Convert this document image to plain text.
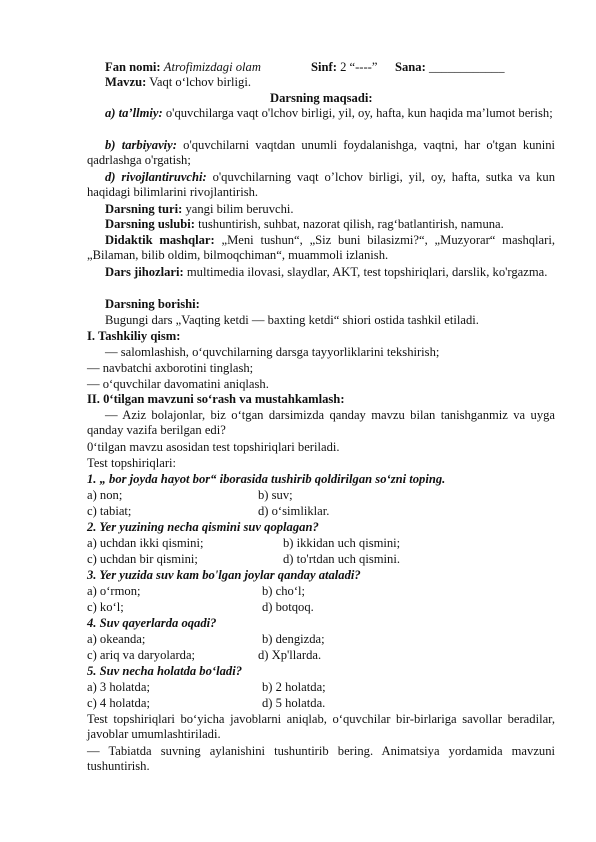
Fan nomi: Atrofimizdagi olam	Sinf: 2 “----” Sana: ____________
Mavzu: Vaqt o‘lchov birligi.
Darsning maqsadi:
a) ta’llmiy: o'quvchilarga vaqt o'lchov birligi, yil, oy, hafta, kun haqida ma’lumot berish;
b) tarbiyaviy: o'quvchilarni vaqtdan unumli foydalanishga, vaqtni, har o'tgan kunini qadrlashga o'rgatish;
d) rivojlantiruvchi: o'quvchilarning vaqt o’lchov birligi, yil, oy, hafta, sutka va kun haqidagi bilimlarini rivojlantirish.
Darsning turi: yangi bilim beruvchi.
Darsning uslubi: tushuntirish, suhbat, nazorat qilish, rag‘batlantirish, namuna.
Didaktik mashqlar: „Meni tushun“, „Siz buni bilasizmi?“, „Muzyorar“ mashqlari, „Bilaman, bilib oldim, bilmoqchiman“, muammoli izlanish.
Dars jihozlari: multimedia ilovasi, slaydlar, AKT, test topshiriqlari, darslik, ko'rgazma.
Darsning borishi:
Bugungi dars „Vaqting ketdi — baxting ketdi“ shiori ostida tashkil etiladi.
I. Tashkiliy qism:
— salomlashish, o‘quvchilarning darsga tayyorliklarini tekshirish;
— navbatchi axborotini tinglash;
— o‘quvchilar davomatini aniqlash.
II. 0‘tilgan mavzuni so‘rash va mustahkamlash:
— Aziz bolajonlar, biz o‘tgan darsimizda qanday mavzu bilan tanishganmiz va uyga qanday vazifa berilgan edi?
0‘tilgan mavzu asosidan test topshiriqlari beriladi.
Test topshiriqlari:
1. „ bor joyda hayot bor“ iborasida tushirib qoldirilgan so‘zni toping.
a) non;	b) suv;
c) tabiat;	d) o‘simliklar.
2. Yer yuzining necha qismini suv qoplagan?
a) uchdan ikki qismini;	b) ikkidan uch qismini;
c) uchdan bir qismini;	d) to'rtdan uch qismini.
3. Yer yuzida suv kam bo'lgan joylar qanday ataladi?
a) o‘rmon;	b) cho‘l;
c) ko‘l;	d) botqoq.
4. Suv qayerlarda oqadi?
a) okeanda;	b) dengizda;
c) ariq va daryolarda;	d) Xp'llarda.
5. Suv necha holatda bo‘ladi?
a) 3 holatda;	b) 2 holatda;
c) 4 holatda;	d) 5 holatda.
Test topshiriqlari bo‘yicha javoblarni aniqlab, o‘quvchilar bir-birlariga savollar beradilar, javoblar umumlashtiriladi.
— Tabiatda suvning aylanishini tushuntirib bering. Animatsiya yordamida mavzuni tushuntirish.
